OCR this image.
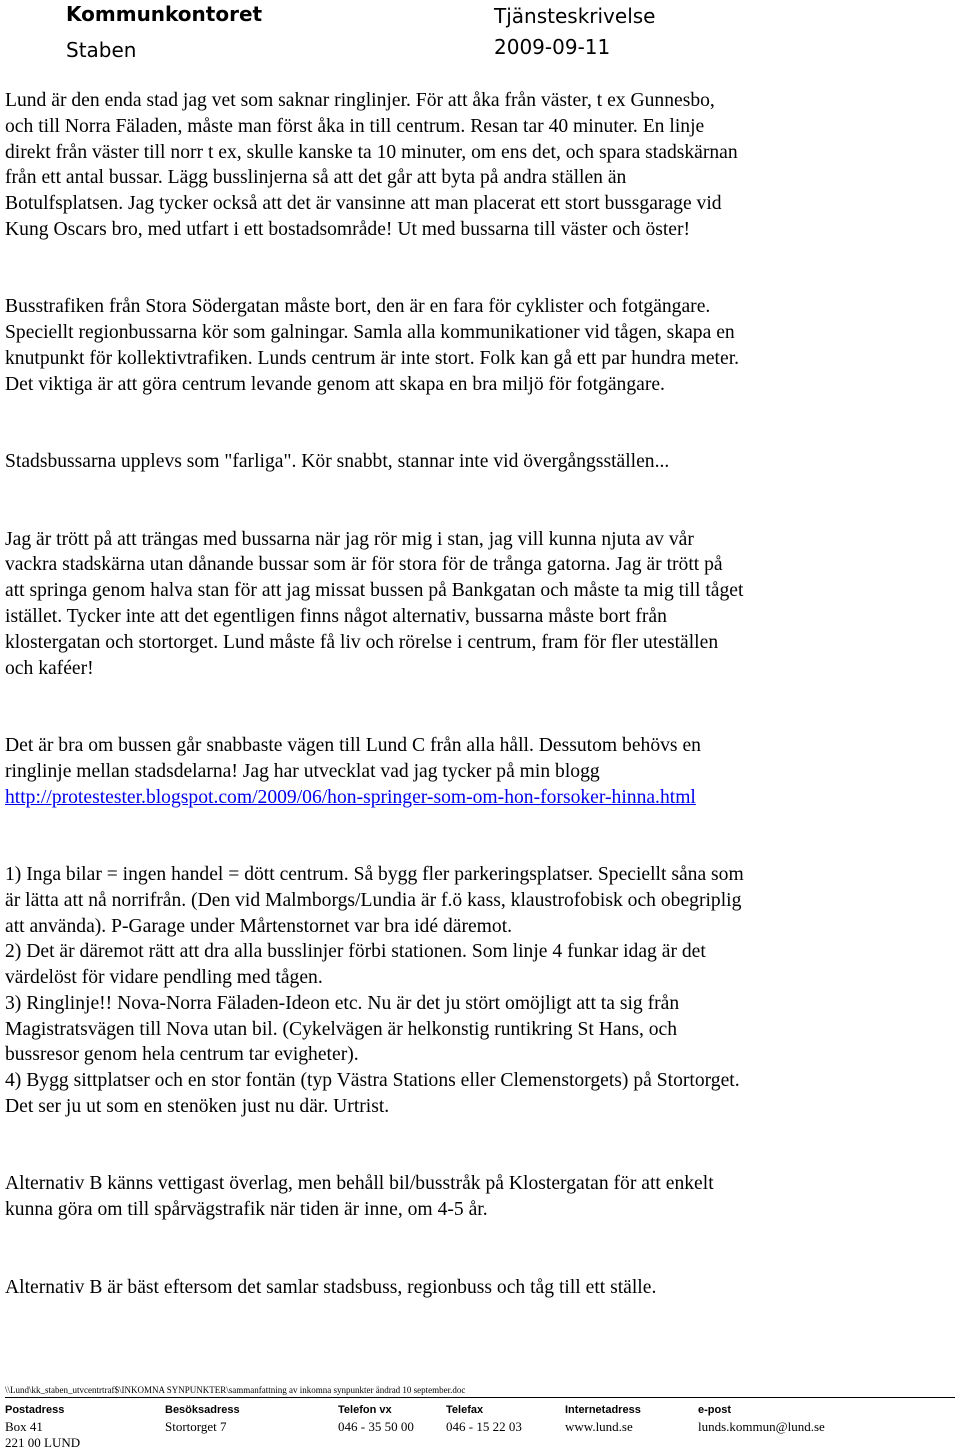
Kommunkontoret	Tjänsteskrivelse
Staben	2009-09-11

Lund är den enda stad jag vet som saknar ringlinjer. För att åka från väster, t ex Gunnesbo,

och till Norra Fäladen, måste man först åka in till centrum. Resan tar 40 minuter. En linje

direkt från väster till norr t ex, skulle kanske ta 10 minuter, om ens det, och spara stadskärnan

från ett antal bussar. Lägg busslinjerna så att det går att byta på andra ställen än

Botulfsplatsen. Jag tycker också att det är vansinne att man placerat ett stort bussgarage vid

Kung Oscars bro, med utfart i ett bostadsområde! Ut med bussarna till väster och öster!

Busstrafiken från Stora Södergatan måste bort, den är en fara för cyklister och fotgängare.

Speciellt regionbussarna kör som galningar. Samla alla kommunikationer vid tågen, skapa en

knutpunkt för kollektivtrafiken. Lunds centrum är inte stort. Folk kan gå ett par hundra meter.

Det viktiga är att göra centrum levande genom att skapa en bra miljö för fotgängare.

Stadsbussarna upplevs som "farliga". Kör snabbt, stannar inte vid övergångsställen...

Jag är trött på att trängas med bussarna när jag rör mig i stan, jag vill kunna njuta av vår

vackra stadskärna utan dånande bussar som är för stora för de trånga gatorna. Jag är trött på

att springa genom halva stan för att jag missat bussen på Bankgatan och måste ta mig till tåget

istället. Tycker inte att det egentligen finns något alternativ, bussarna måste bort från

klostergatan och stortorget. Lund måste få liv och rörelse i centrum, fram för fler uteställen

och kaféer!

Det är bra om bussen går snabbaste vägen till Lund C från alla håll. Dessutom behövs en

ringlinje mellan stadsdelarna! Jag har utvecklat vad jag tycker på min blogg

http://protestester.blogspot.com/2009/06/hon-springer-som-om-hon-forsoker-hinna.html

1) Inga bilar = ingen handel = dött centrum. Så bygg fler parkeringsplatser. Speciellt såna som

är lätta att nå norrifrån. (Den vid Malmborgs/Lundia är f.ö kass, klaustrofobisk och obegriplig

att använda). P-Garage under Mårtenstornet var bra idé däremot.

2) Det är däremot rätt att dra alla busslinjer förbi stationen. Som linje 4 funkar idag är det

värdelöst för vidare pendling med tågen.

3) Ringlinje!! Nova-Norra Fäladen-Ideon etc. Nu är det ju stört omöjligt att ta sig från

Magistratsvägen till Nova utan bil. (Cykelvägen är helkonstig runtikring St Hans, och

bussresor genom hela centrum tar evigheter).

4) Bygg sittplatser och en stor fontän (typ Västra Stations eller Clemenstorgets) på Stortorget.

Det ser ju ut som en stenöken just nu där. Urtrist.

Alternativ B känns vettigast överlag, men behåll bil/busstråk på Klostergatan för att enkelt

kunna göra om till spårvägstrafik när tiden är inne, om 4-5 år.

Alternativ B är bäst eftersom det samlar stadsbuss, regionbuss och tåg till ett ställe.

\\Lund\kk_staben_utvcentrtraf$\INKOMNA SYNPUNKTER\sammanfattning av inkomna synpunkter ändrad 10 september.doc
Postadress	Besöksadress	Telefon vx	Telefax	Internetadress	e-post
Box 41	Stortorget 7	046 - 35 50 00 046 - 15 22 03	www.lund.se	lunds.kommun@lund.se
221 00 LUND
